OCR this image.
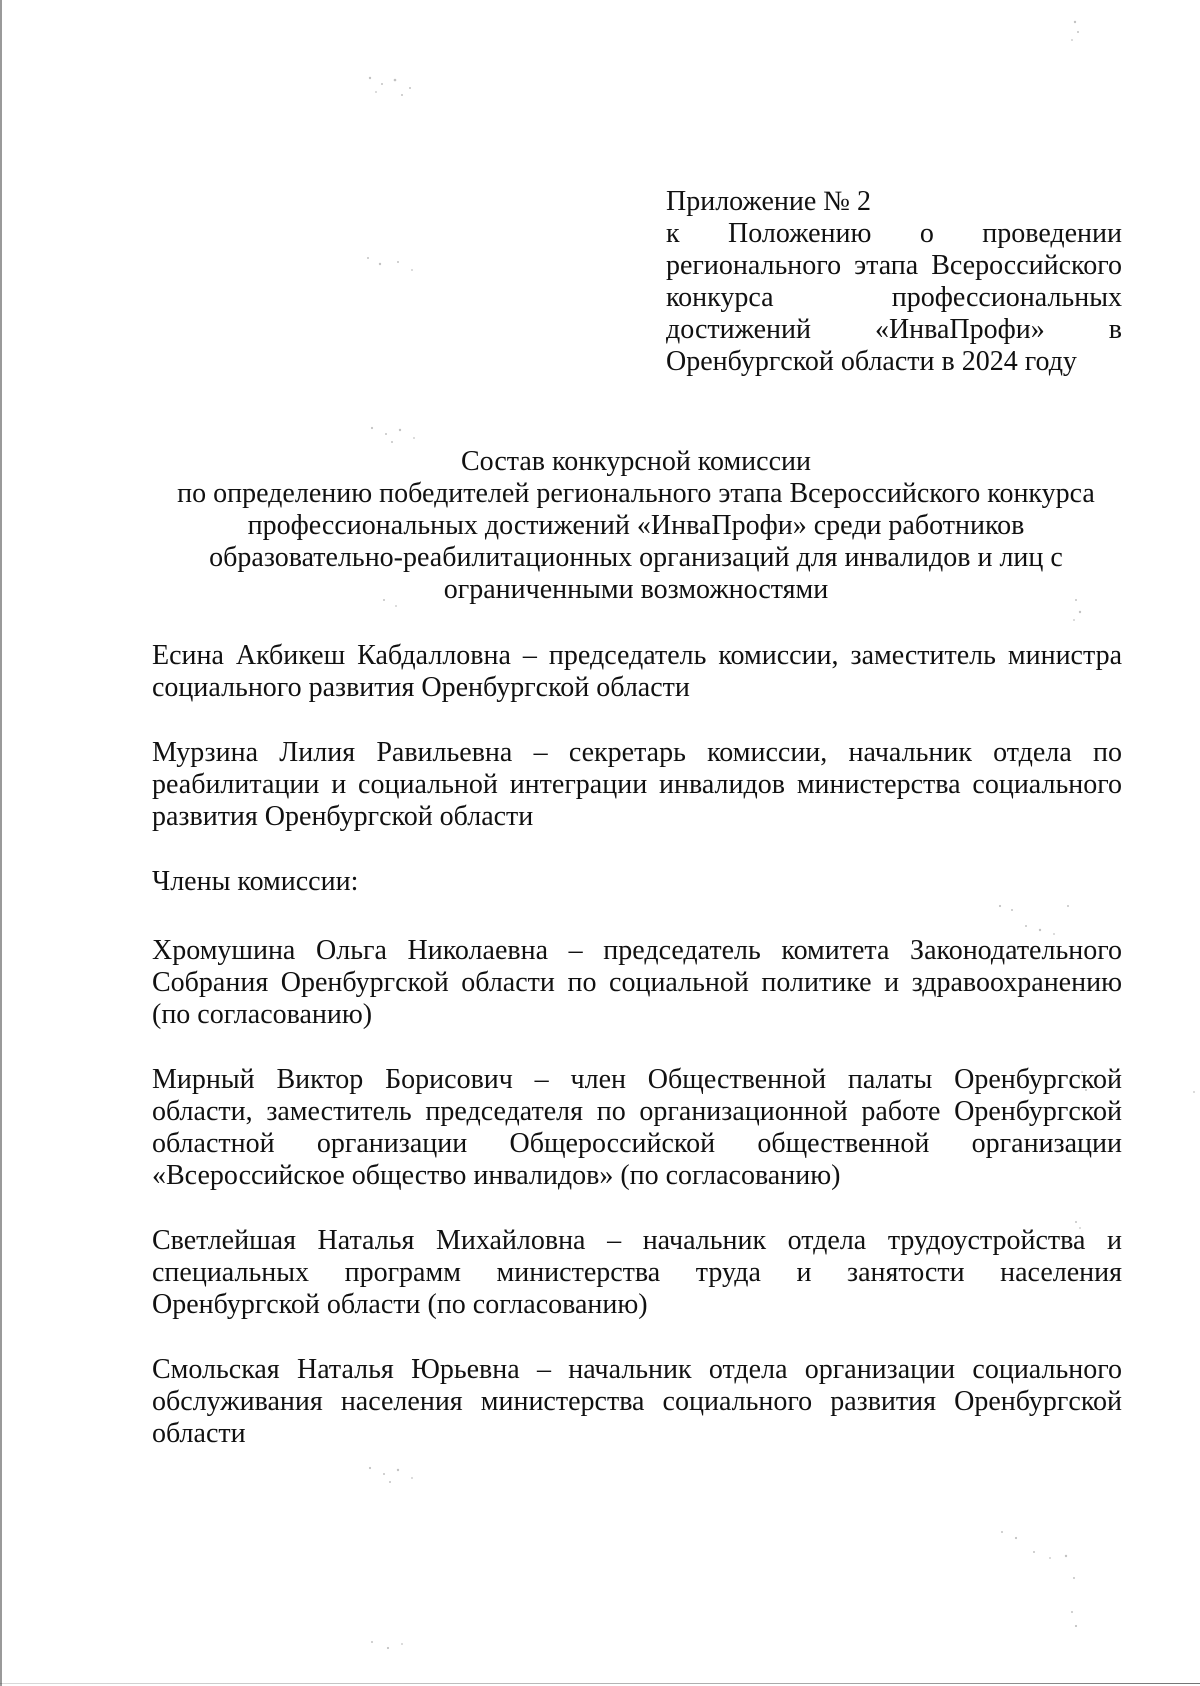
Приложение № 2

к Положению о проведении регионального этапа Всероссийского конкурса профессиональных достижений «ИнваПрофи» в Оренбургской области в 2024 году

Состав конкурсной комиссии
по определению победителей регионального этапа Всероссийского конкурса
профессиональных достижений «ИнваПрофи» среди работников
образовательно-реабилитационных организаций для инвалидов и лиц с
ограниченными возможностями

Есина Акбикеш Кабдалловна – председатель комиссии, заместитель министра социального развития Оренбургской области

Мурзина Лилия Равильевна – секретарь комиссии, начальник отдела по реабилитации и социальной интеграции инвалидов министерства социального развития Оренбургской области

Члены комиссии:

Хромушина Ольга Николаевна – председатель комитета Законодательного Собрания Оренбургской области по социальной политике и здравоохранению (по согласованию)

Мирный Виктор Борисович – член Общественной палаты Оренбургской области, заместитель председателя по организационной работе Оренбургской областной организации Общероссийской общественной организации «Всероссийское общество инвалидов» (по согласованию)

Светлейшая Наталья Михайловна – начальник отдела трудоустройства и специальных программ министерства труда и занятости населения Оренбургской области (по согласованию)

Смольская Наталья Юрьевна – начальник отдела организации социального обслуживания населения министерства социального развития Оренбургской области
